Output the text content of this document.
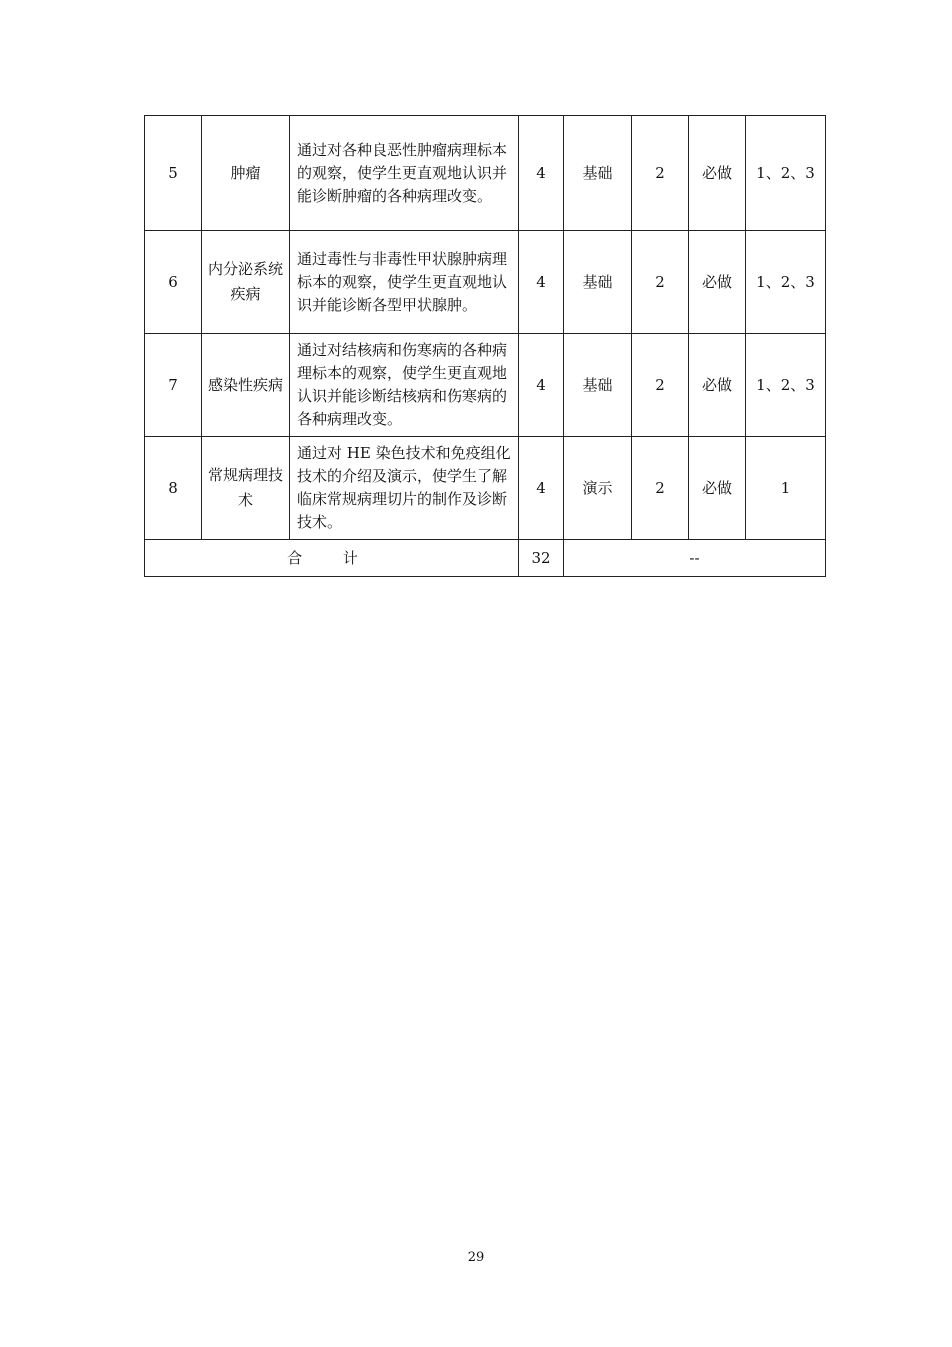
5	肿瘤	通过对各种良恶性肿瘤病理标本的观察，使学生更直观地认识并能诊断肿瘤的各种病理改变。	4	基础	2	必做	1、2、3
6	内分泌系统疾病	通过毒性与非毒性甲状腺肿病理标本的观察，使学生更直观地认识并能诊断各型甲状腺肿。	4	基础	2	必做	1、2、3
7	感染性疾病	通过对结核病和伤寒病的各种病理标本的观察，使学生更直观地认识并能诊断结核病和伤寒病的各种病理改变。	4	基础	2	必做	1、2、3
8	常规病理技术	通过对 HE 染色技术和免疫组化技术的介绍及演示，使学生了解临床常规病理切片的制作及诊断技术。	4	演示	2	必做	1
合 计			32	--			
29
